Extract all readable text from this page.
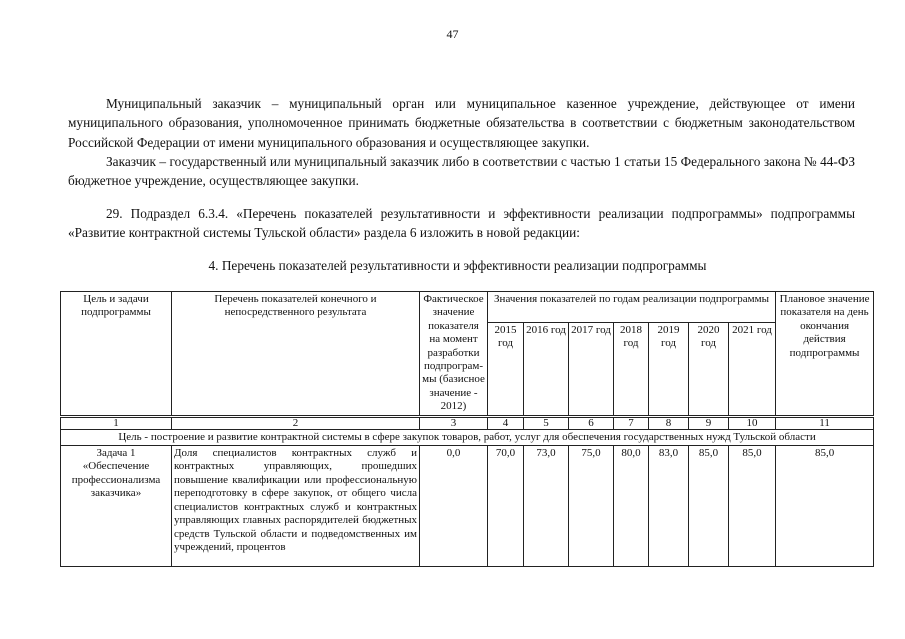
47
Муниципальный заказчик – муниципальный орган или муниципальное казенное учреждение, действующее от имени муниципального образования, уполномоченное принимать бюджетные обязательства в соответствии с бюджетным законодательством Российской Федерации от имени муниципального образования и осуществляющее закупки.
Заказчик – государственный или муниципальный заказчик либо в соответствии с частью 1 статьи 15 Федерального закона № 44-ФЗ бюджетное учреждение, осуществляющее закупки.
29. Подраздел 6.3.4. «Перечень показателей результативности и эффективности реализации подпрограммы» подпрограммы «Развитие контрактной системы Тульской области» раздела 6 изложить в новой редакции:
4. Перечень показателей результативности и эффективности реализации подпрограммы
Цель и задачи подпрограммы	Перечень показателей конечного и непосредственного результата	Фактическое значение показателя на момент разработки подпрограм-мы (базисное значение - 2012)	Значения показателей по годам реализации подпрограммы							Плановое значение показателя на день окончания действия подпрограммы
			2015 год	2016 год	2017 год	2018 год	2019 год	2020 год	2021 год	
1	2	3	4	5	6	7	8	9	10	11
Цель - построение и развитие контрактной системы в сфере закупок товаров, работ, услуг для обеспечения государственных нужд Тульской области										
Задача 1 «Обеспечение профессионализма заказчика»	Доля специалистов контрактных служб и контрактных управляющих, прошедших повышение квалификации или профессиональную переподготовку в сфере закупок, от общего числа специалистов контрактных служб и контрактных управляющих главных распорядителей бюджетных средств Тульской области и подведомственных им учреждений, процентов	0,0	70,0	73,0	75,0	80,0	83,0	85,0	85,0	85,0
